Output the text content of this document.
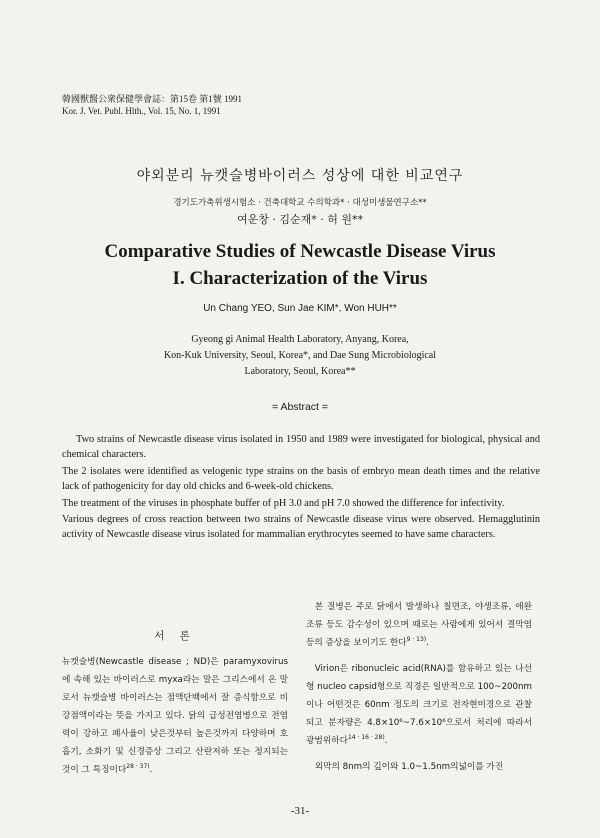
韓國獸醫公衆保健學會誌：第15卷 第1號 1991
Kor. J. Vet. Publ. Hlth., Vol. 15, No. 1, 1991
야외분리 뉴캣슬병바이러스 성상에 대한 비교연구
경기도가축위생시험소 · 건축대학교 수의학과* · 대성미생물연구소**
여운창 · 김순재* · 허 원**
Comparative Studies of Newcastle Disease Virus
I. Characterization of the Virus
Un Chang YEO, Sun Jae KIM*, Won HUH**
Gyeong gi Animal Health Laboratory, Anyang, Korea,
Kon-Kuk University, Seoul, Korea*, and Dae Sung Microbiological
Laboratory, Seoul, Korea**
= Abstract =

Two strains of Newcastle disease virus isolated in 1950 and 1989 were investigated for biological, physical and chemical characters.

The 2 isolates were identified as velogenic type strains on the basis of embryo mean death times and the relative lack of pathogenicity for day old chicks and 6-week-old chickens.

The treatment of the viruses in phosphate buffer of pH 3.0 and pH 7.0 showed the difference for infectivity.

Various degrees of cross reaction between two strains of Newcastle disease virus were observed. Hemagglutinin activity of Newcastle disease virus isolated for mammalian erythrocytes seemed to have same characters.

서 론

뉴캣슬병(Newcastle disease ; ND)은 paramyxovirus에 속해 있는 바이러스로 myxa라는 말은 그리스에서 온 말로서 뉴캣슬병 바이러스는 점액단백에서 잘 증식함으로 비강점액이라는 뜻을 가지고 있다. 닭의 급성전염병으로 전염력이 강하고 폐사율이 낮은것부터 높은것까지 다양하며 호흡기, 소화기 및 신경증상 그리고 산란저하 또는 정지되는 것이 그 특징이다$^{28 \cdot 37)}$.

 본 질병은 주로 닭에서 발생하나 칠면조, 야생조류, 애완조류 등도 감수성이 있으며 때로는 사람에게 있어서 결막염 등의 증상을 보이기도 한다$^{9 \cdot 13)}$.

 Virion은 ribonucleic acid(RNA)를 함유하고 있는 나선형 nucleo capsid형으로 직경은 일반적으로 100~200nm이나 어떤것은 60nm 정도의 크기로 전자현미경으로 관찰되고 분자량은 4.8×10⁶~7.6×10⁶으로서 처리에 따라서 광범위하다$^{14 \cdot 16 \cdot 28)}$.

 외막의 8nm의 깊이와 1.0~1.5nm의넓이를 가진

-31-
